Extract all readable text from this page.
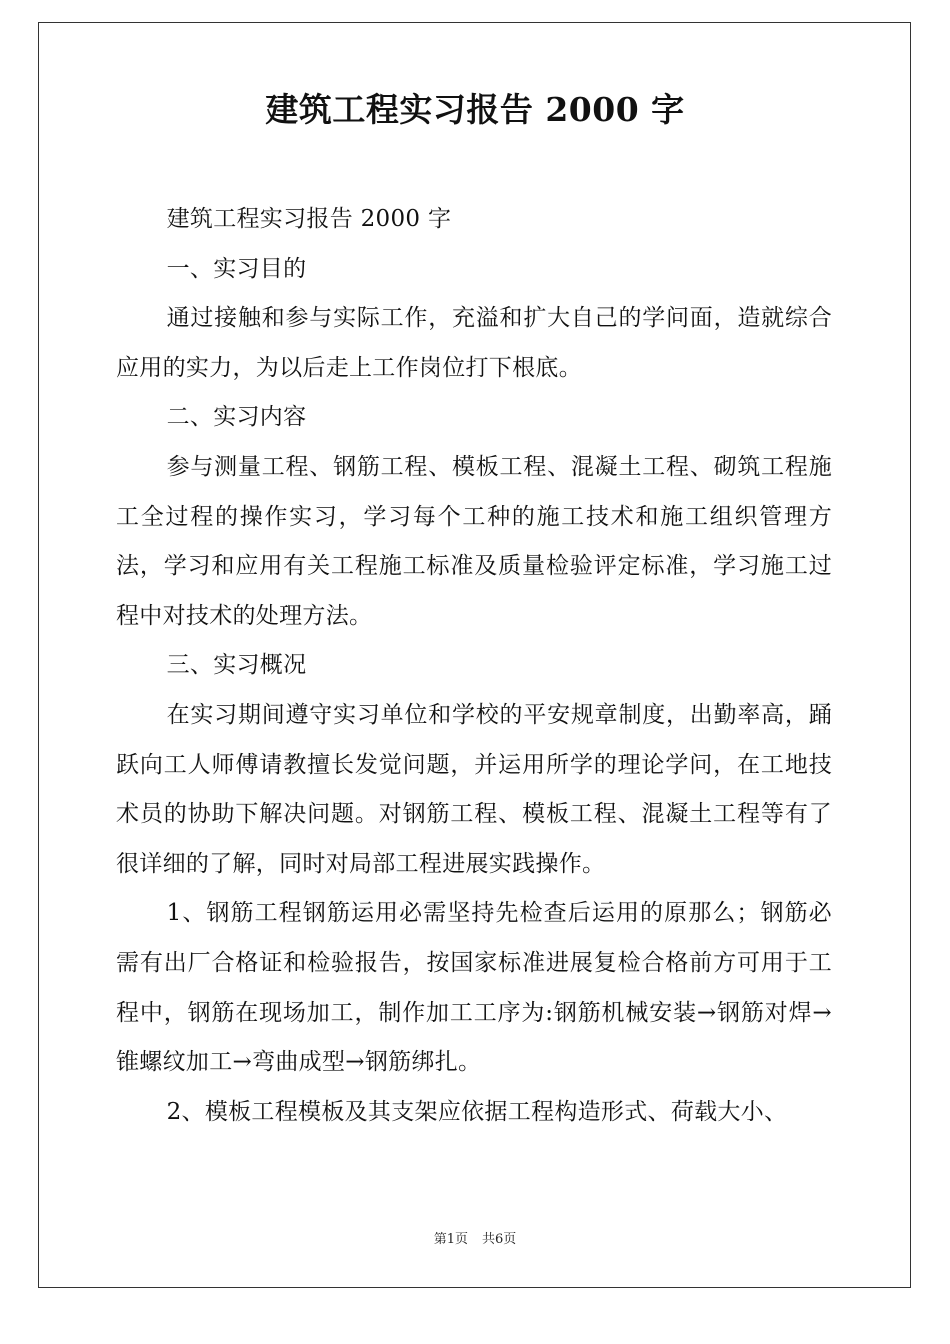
建筑工程实习报告 2000 字

建筑工程实习报告 2000 字

一、实习目的

通过接触和参与实际工作，充溢和扩大自己的学问面，造就综合应用的实力，为以后走上工作岗位打下根底。

二、实习内容

参与测量工程、钢筋工程、模板工程、混凝土工程、砌筑工程施工全过程的操作实习，学习每个工种的施工技术和施工组织管理方法，学习和应用有关工程施工标准及质量检验评定标准，学习施工过程中对技术的处理方法。

三、实习概况

在实习期间遵守实习单位和学校的平安规章制度，出勤率高，踊跃向工人师傅请教擅长发觉问题，并运用所学的理论学问，在工地技术员的协助下解决问题。对钢筋工程、模板工程、混凝土工程等有了很详细的了解，同时对局部工程进展实践操作。

1、钢筋工程钢筋运用必需坚持先检查后运用的原那么；钢筋必需有出厂合格证和检验报告，按国家标准进展复检合格前方可用于工程中，钢筋在现场加工，制作加工工序为:钢筋机械安装→钢筋对焊→锥螺纹加工→弯曲成型→钢筋绑扎。

2、模板工程模板及其支架应依据工程构造形式、荷载大小、

第1页 共6页
